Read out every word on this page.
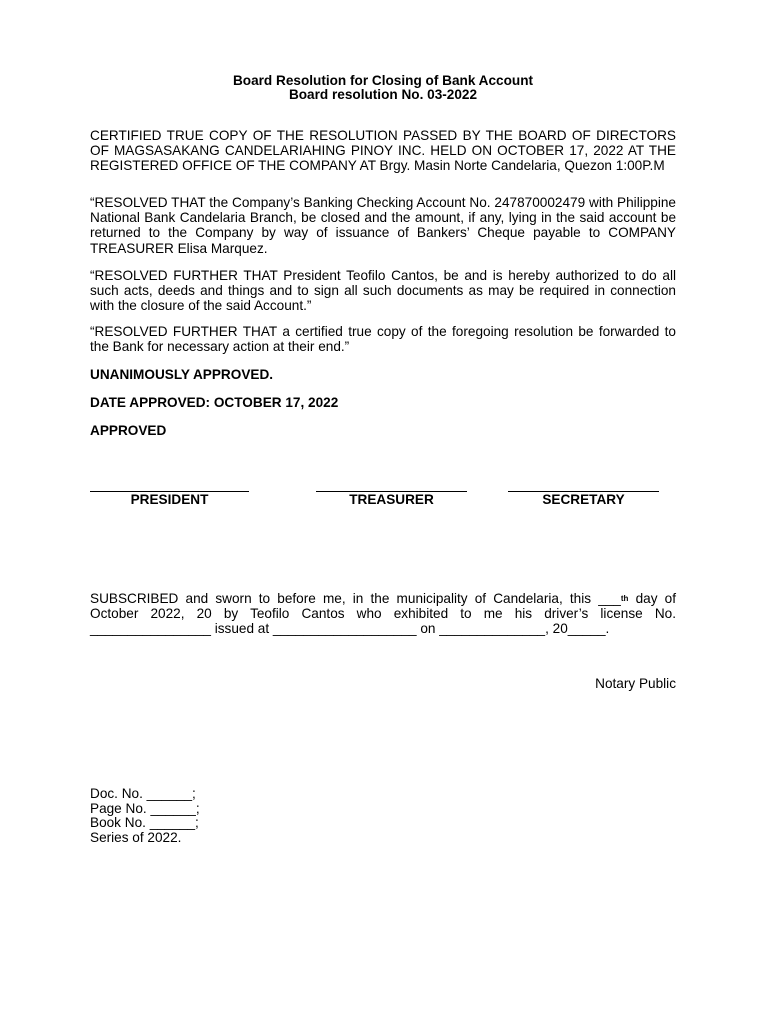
Board Resolution for Closing of Bank Account

Board resolution No. 03-2022

CERTIFIED TRUE COPY OF THE RESOLUTION PASSED BY THE BOARD OF DIRECTORS OF MAGSASAKANG CANDELARIAHING PINOY INC. HELD ON OCTOBER 17, 2022 AT THE REGISTERED OFFICE OF THE COMPANY AT Brgy. Masin Norte Candelaria, Quezon 1:00P.M

“RESOLVED THAT the Company’s Banking Checking Account No. 247870002479 with Philippine National Bank Candelaria Branch, be closed and the amount, if any, lying in the said account be returned to the Company by way of issuance of Bankers’ Cheque payable to COMPANY TREASURER Elisa Marquez.

“RESOLVED FURTHER THAT President Teofilo Cantos, be and is hereby authorized to do all such acts, deeds and things and to sign all such documents as may be required in connection with the closure of the said Account.”

“RESOLVED FURTHER THAT a certified true copy of the foregoing resolution be forwarded to the Bank for necessary action at their end.”

UNANIMOUSLY APPROVED.

DATE APPROVED: OCTOBER 17, 2022

APPROVED

PRESIDENT	TREASURER	SECRETARY

SUBSCRIBED and sworn to before me, in the municipality of Candelaria, this ___$^{th}$ day of October 2022, 20 by Teofilo Cantos who exhibited to me his driver’s license No. ________________ issued at ___________________ on ______________, 20_____.

Notary Public

Doc. No. ______;
Page No. ______;
Book No. ______;
Series of 2022.
